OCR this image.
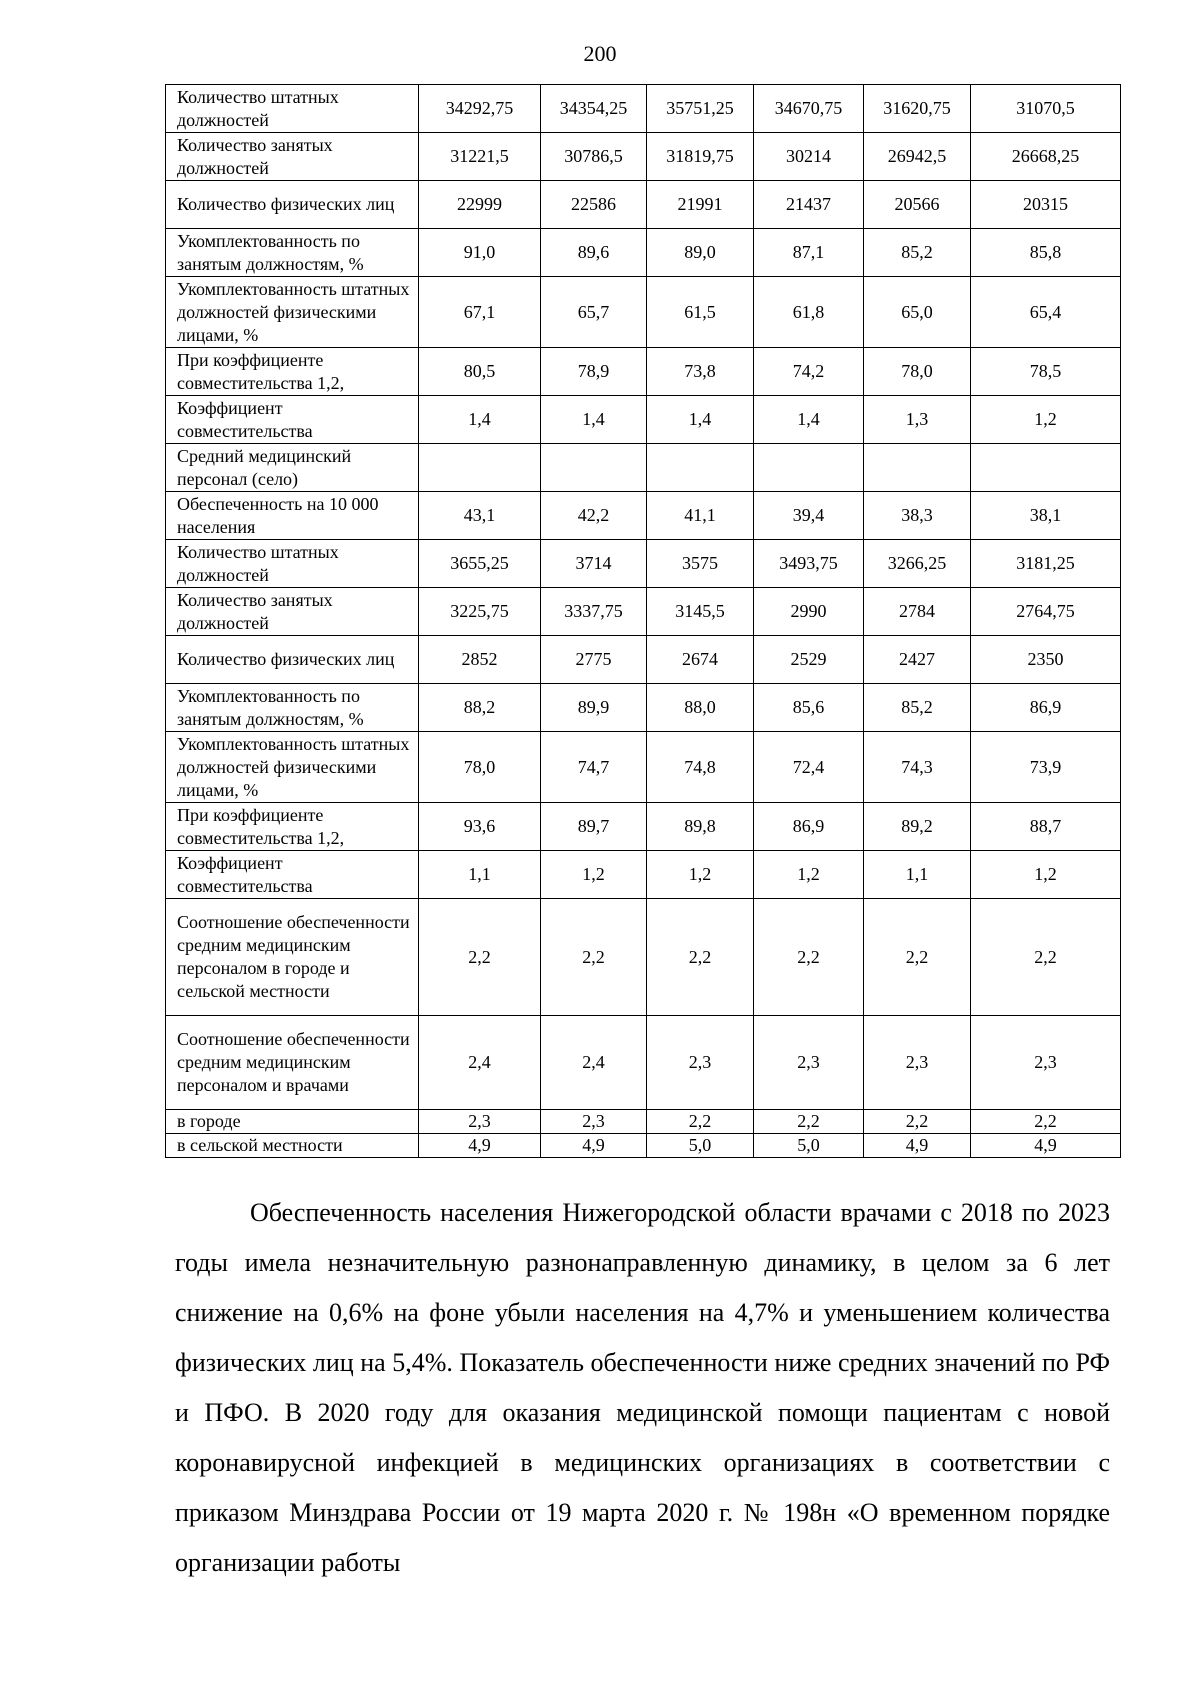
200
Количество штатных должностей	34292,75	34354,25	35751,25	34670,75	31620,75	31070,5
Количество занятых должностей	31221,5	30786,5	31819,75	30214	26942,5	26668,25
Количество физических лиц	22999	22586	21991	21437	20566	20315
Укомплектованность по занятым должностям, %	91,0	89,6	89,0	87,1	85,2	85,8
Укомплектованность штатных должностей физическими лицами, %	67,1	65,7	61,5	61,8	65,0	65,4
При коэффициенте совместительства 1,2,	80,5	78,9	73,8	74,2	78,0	78,5
Коэффициент совместительства	1,4	1,4	1,4	1,4	1,3	1,2
Средний медицинский персонал (село)						
Обеспеченность на 10 000 населения	43,1	42,2	41,1	39,4	38,3	38,1
Количество штатных должностей	3655,25	3714	3575	3493,75	3266,25	3181,25
Количество занятых должностей	3225,75	3337,75	3145,5	2990	2784	2764,75
Количество физических лиц	2852	2775	2674	2529	2427	2350
Укомплектованность по занятым должностям, %	88,2	89,9	88,0	85,6	85,2	86,9
Укомплектованность штатных должностей физическими лицами, %	78,0	74,7	74,8	72,4	74,3	73,9
При коэффициенте совместительства 1,2,	93,6	89,7	89,8	86,9	89,2	88,7
Коэффициент совместительства	1,1	1,2	1,2	1,2	1,1	1,2
Соотношение обеспеченности средним медицинским персоналом в городе и сельской местности	2,2	2,2	2,2	2,2	2,2	2,2
Соотношение обеспеченности средним медицинским персоналом и врачами	2,4	2,4	2,3	2,3	2,3	2,3
в городе	2,3	2,3	2,2	2,2	2,2	2,2
в сельской местности	4,9	4,9	5,0	5,0	4,9	4,9

Обеспеченность населения Нижегородской области врачами с 2018 по 2023 годы имела незначительную разнонаправленную динамику, в целом за 6 лет снижение на 0,6% на фоне убыли населения на 4,7% и уменьшением количества физических лиц на 5,4%. Показатель обеспеченности ниже средних значений по РФ и ПФО. В 2020 году для оказания медицинской помощи пациентам с новой коронавирусной инфекцией в медицинских организациях в соответствии с приказом Минздрава России от 19 марта 2020 г. № 198н «О временном порядке организации работы
